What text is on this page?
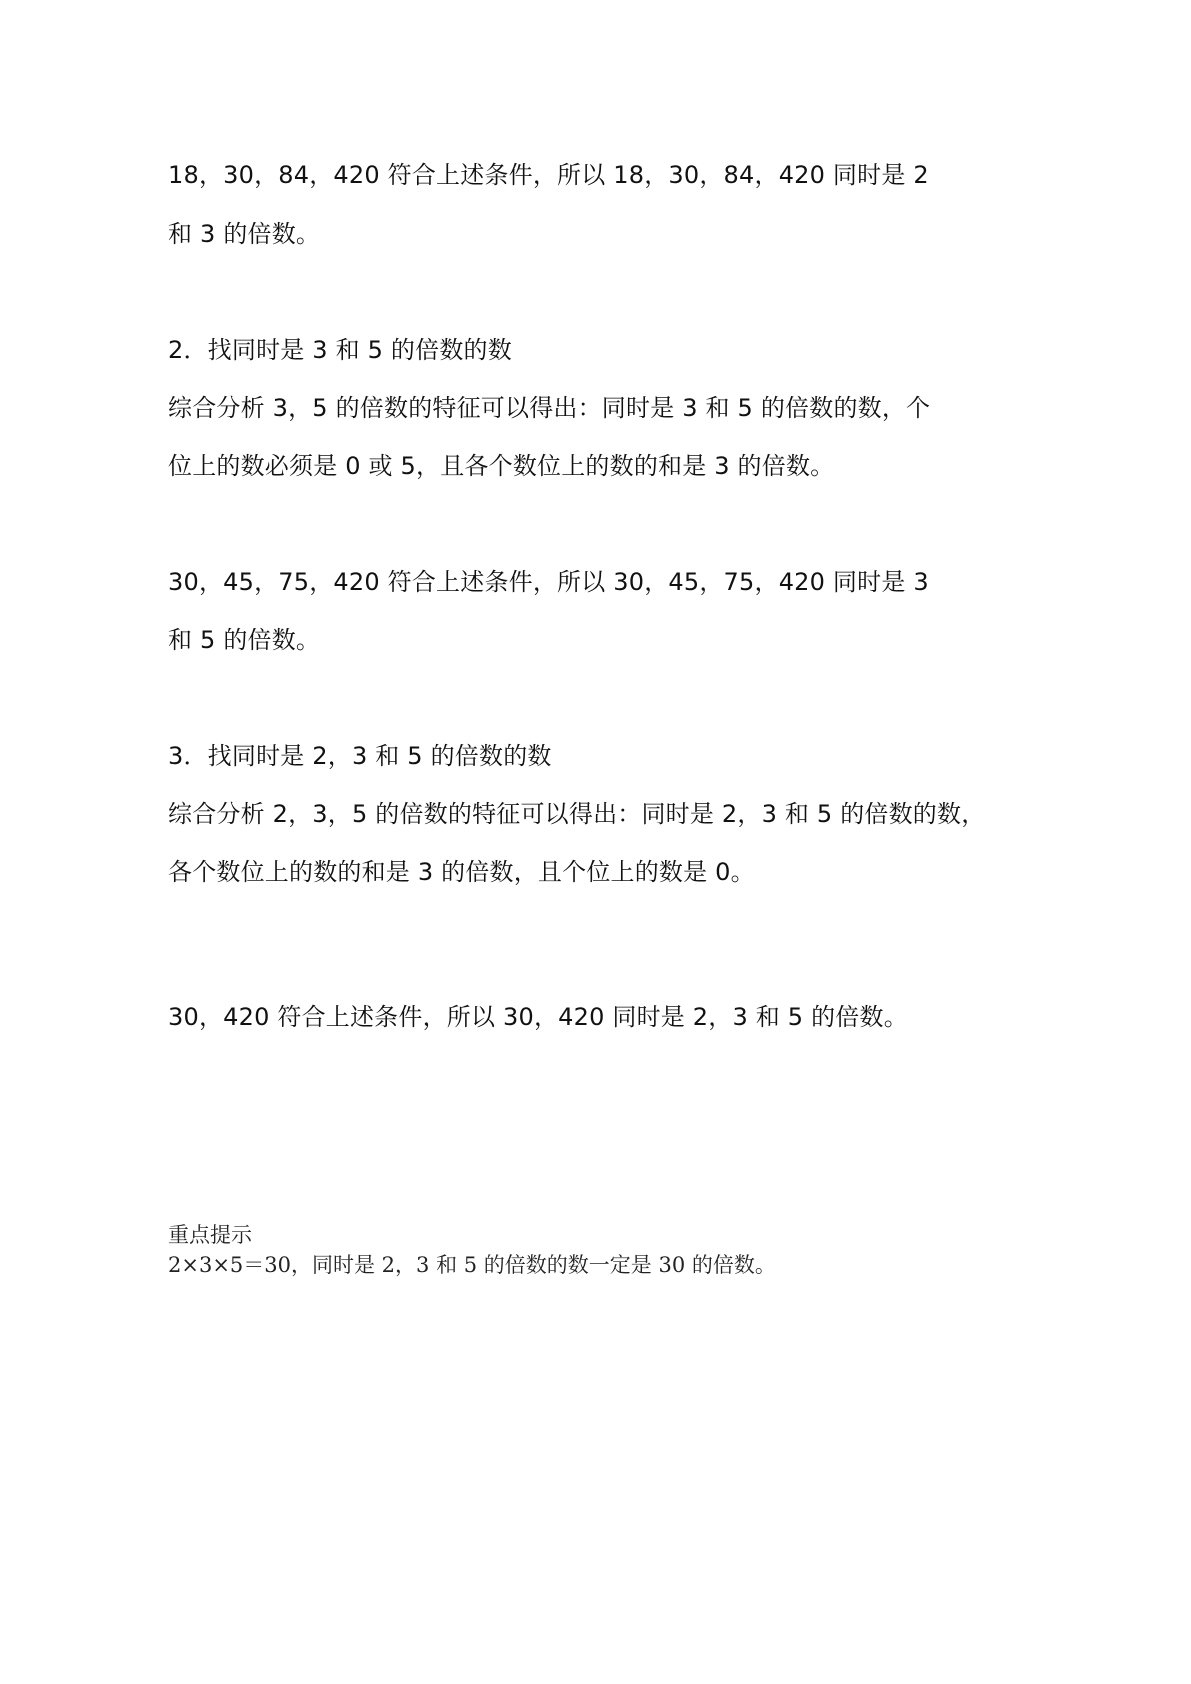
18，30，84，420 符合上述条件，所以 18，30，84，420 同时是 2
和 3 的倍数。
2．找同时是 3 和 5 的倍数的数
综合分析 3，5 的倍数的特征可以得出：同时是 3 和 5 的倍数的数，个
位上的数必须是 0 或 5，且各个数位上的数的和是 3 的倍数。
30，45，75，420 符合上述条件，所以 30，45，75，420 同时是 3
和 5 的倍数。
3．找同时是 2，3 和 5 的倍数的数
综合分析 2，3，5 的倍数的特征可以得出：同时是 2，3 和 5 的倍数的数，
各个数位上的数的和是 3 的倍数，且个位上的数是 0。
30，420 符合上述条件，所以 30，420 同时是 2，3 和 5 的倍数。
重点提示
2×3×5＝30，同时是 2，3 和 5 的倍数的数一定是 30 的倍数。
